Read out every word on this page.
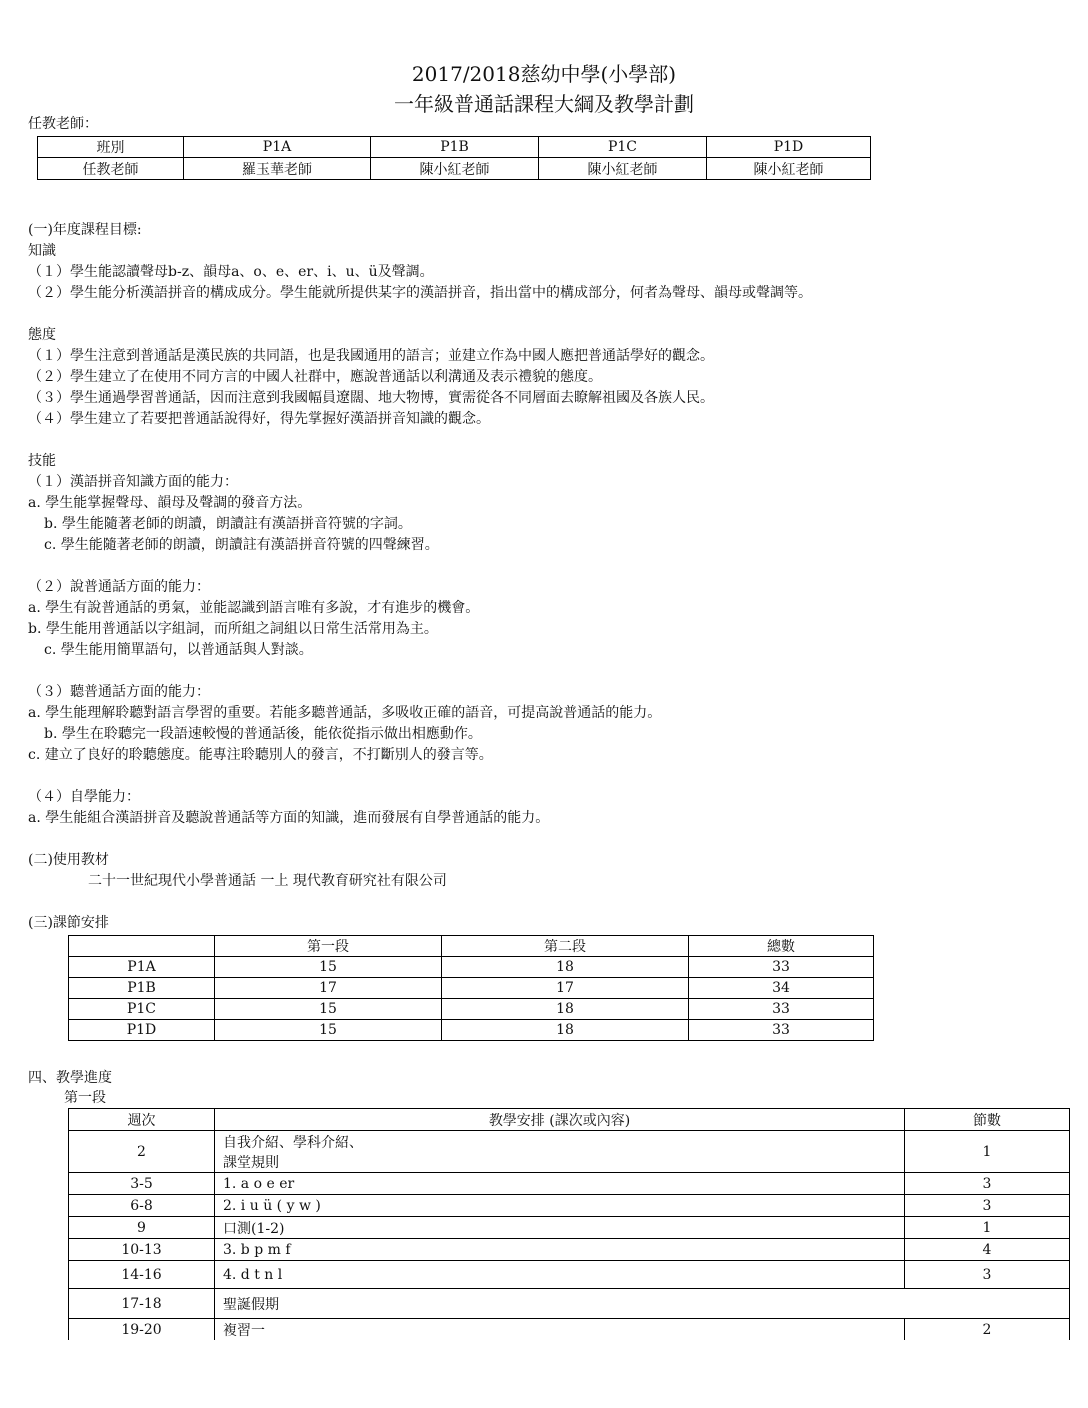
2017/2018慈幼中學(小學部)
一年級普通話課程大綱及教學計劃
任教老師：
班別	P1A	P1B	P1C	P1D
任教老師	羅玉華老師	陳小紅老師	陳小紅老師	陳小紅老師
(一)年度課程目標:
知識
（１）學生能認讀聲母b-z、韻母a、o、e、er、i、u、ü及聲調。
（２）學生能分析漢語拼音的構成成分。學生能就所提供某字的漢語拼音，指出當中的構成部分，何者為聲母、韻母或聲調等。
態度
（１）學生注意到普通話是漢民族的共同語，也是我國通用的語言；並建立作為中國人應把普通話學好的觀念。
（２）學生建立了在使用不同方言的中國人社群中，應說普通話以利溝通及表示禮貌的態度。
（３）學生通過學習普通話，因而注意到我國幅員遼闊、地大物博，實需從各不同層面去瞭解祖國及各族人民。
（４）學生建立了若要把普通話說得好，得先掌握好漢語拼音知識的觀念。
技能
（１）漢語拼音知識方面的能力：
a. 學生能掌握聲母、韻母及聲調的發音方法。
b. 學生能隨著老師的朗讀，朗讀註有漢語拼音符號的字詞。
c. 學生能隨著老師的朗讀，朗讀註有漢語拼音符號的四聲練習。
（２）說普通話方面的能力：
a. 學生有說普通話的勇氣，並能認識到語言唯有多說，才有進步的機會。
b. 學生能用普通話以字組詞，而所組之詞組以日常生活常用為主。
c. 學生能用簡單語句，以普通話與人對談。
（３）聽普通話方面的能力：
a. 學生能理解聆聽對語言學習的重要。若能多聽普通話，多吸收正確的語音，可提高說普通話的能力。
b. 學生在聆聽完一段語速較慢的普通話後，能依從指示做出相應動作。
c. 建立了良好的聆聽態度。能專注聆聽別人的發言，不打斷別人的發言等。
（４）自學能力：
a. 學生能組合漢語拼音及聽說普通話等方面的知識，進而發展有自學普通話的能力。
(二)使用教材
二十一世紀現代小學普通話 一上 現代教育研究社有限公司
(三)課節安排
	第一段	第二段	總數
P1A	15	18	33
P1B	17	17	34
P1C	15	18	33
P1D	15	18	33
四、教學進度
第一段
週次	教學安排 (課次或內容)	節數
2	自我介紹、學科介紹、
課堂規則	1
3-5	1. a o e er	3
6-8	2. i u ü ( y w )	3
9	口測(1-2)	1
10-13	3. b p m f	4
14-16	4. d t n l	3
17-18	聖誕假期	
19-20	複習一	2
